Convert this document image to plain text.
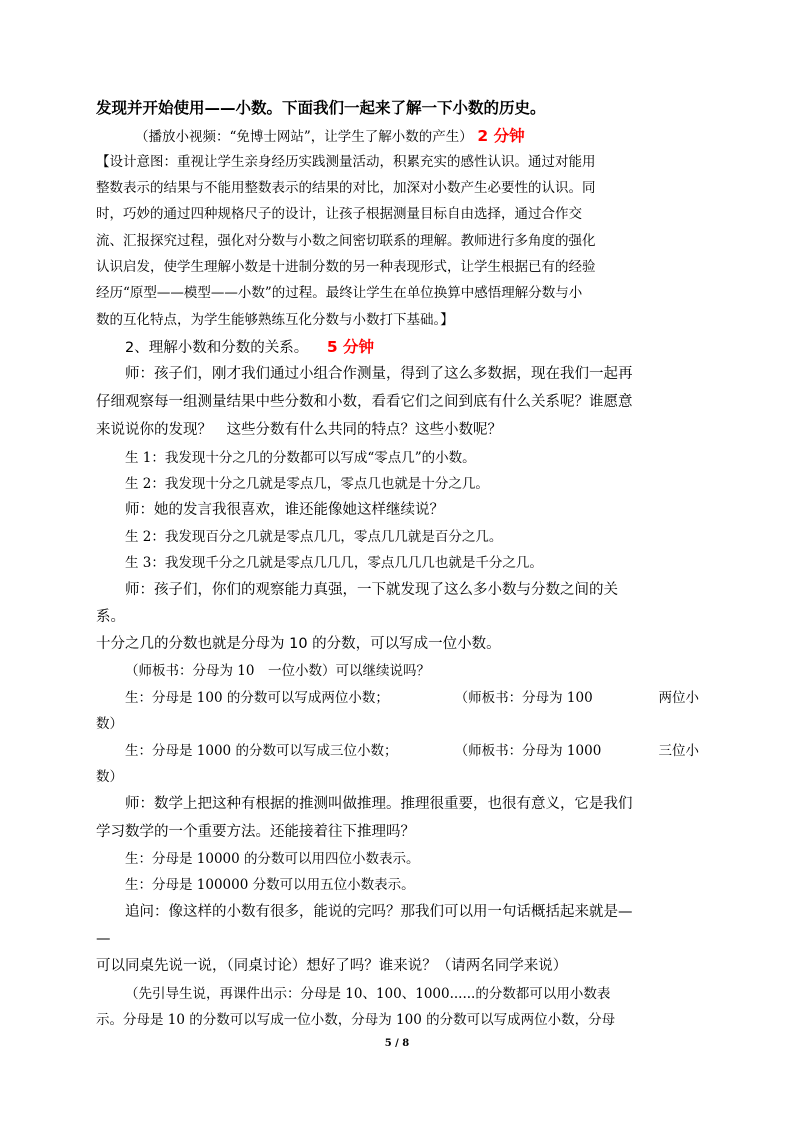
发现并开始使用——小数。下面我们一起来了解一下小数的历史。
（播放小视频：“免博士网站”，让学生了解小数的产生） 2 分钟
【设计意图：重视让学生亲身经历实践测量活动，积累充实的感性认识。通过对能用
整数表示的结果与不能用整数表示的结果的对比，加深对小数产生必要性的认识。同
时，巧妙的通过四种规格尺子的设计，让孩子根据测量目标自由选择，通过合作交
流、汇报探究过程，强化对分数与小数之间密切联系的理解。教师进行多角度的强化
认识启发，使学生理解小数是十进制分数的另一种表现形式，让学生根据已有的经验
经历“原型——模型——小数”的过程。最终让学生在单位换算中感悟理解分数与小
数的互化特点，为学生能够熟练互化分数与小数打下基础。】
2、理解小数和分数的关系。 5 分钟
师：孩子们，刚才我们通过小组合作测量，得到了这么多数据，现在我们一起再
仔细观察每一组测量结果中些分数和小数，看看它们之间到底有什么关系呢？谁愿意
来说说你的发现？　这些分数有什么共同的特点？这些小数呢？
生 1：我发现十分之几的分数都可以写成“零点几”的小数。
生 2：我发现十分之几就是零点几，零点几也就是十分之几。
师：她的发言我很喜欢，谁还能像她这样继续说？
生 2：我发现百分之几就是零点几几，零点几几就是百分之几。
生 3：我发现千分之几就是零点几几几，零点几几几也就是千分之几。
师：孩子们，你们的观察能力真强，一下就发现了这么多小数与分数之间的关
系。
十分之几的分数也就是分母为 10 的分数，可以写成一位小数。
（师板书：分母为 10　一位小数）可以继续说吗？
生：分母是 100 的分数可以写成两位小数；	（师板书：分母为 100	两位小
数）
生：分母是 1000 的分数可以写成三位小数；	（师板书：分母为 1000	三位小
数）
师：数学上把这种有根据的推测叫做推理。推理很重要，也很有意义，它是我们
学习数学的一个重要方法。还能接着往下推理吗？
生：分母是 10000 的分数可以用四位小数表示。
生：分母是 100000 分数可以用五位小数表示。
追问：像这样的小数有很多，能说的完吗？那我们可以用一句话概括起来就是—
—
可以同桌先说一说，（同桌讨论）想好了吗？谁来说？（请两名同学来说）
（先引导生说，再课件出示：分母是 10、100、1000......的分数都可以用小数表
示。分母是 10 的分数可以写成一位小数，分母为 100 的分数可以写成两位小数，分母
5 / 8
